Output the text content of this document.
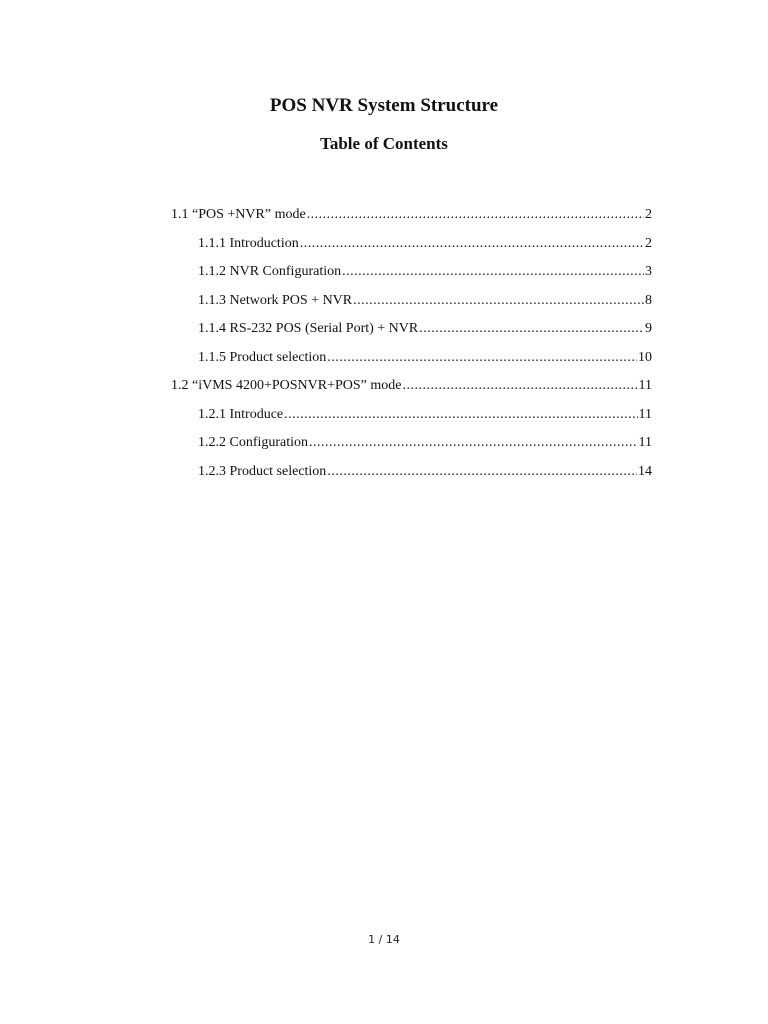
POS NVR System Structure
Table of Contents
1.1 “POS +NVR” mode .....	2
1.1.1 Introduction .....	2
1.1.2 NVR Configuration .....	3
1.1.3 Network POS + NVR .....	8
1.1.4 RS-232 POS (Serial Port) + NVR .....	9
1.1.5 Product selection .....	10
1.2 “iVMS 4200+POSNVR+POS” mode .....	11
1.2.1 Introduce .....	11
1.2.2 Configuration .....	11
1.2.3 Product selection .....	14
1 / 14
